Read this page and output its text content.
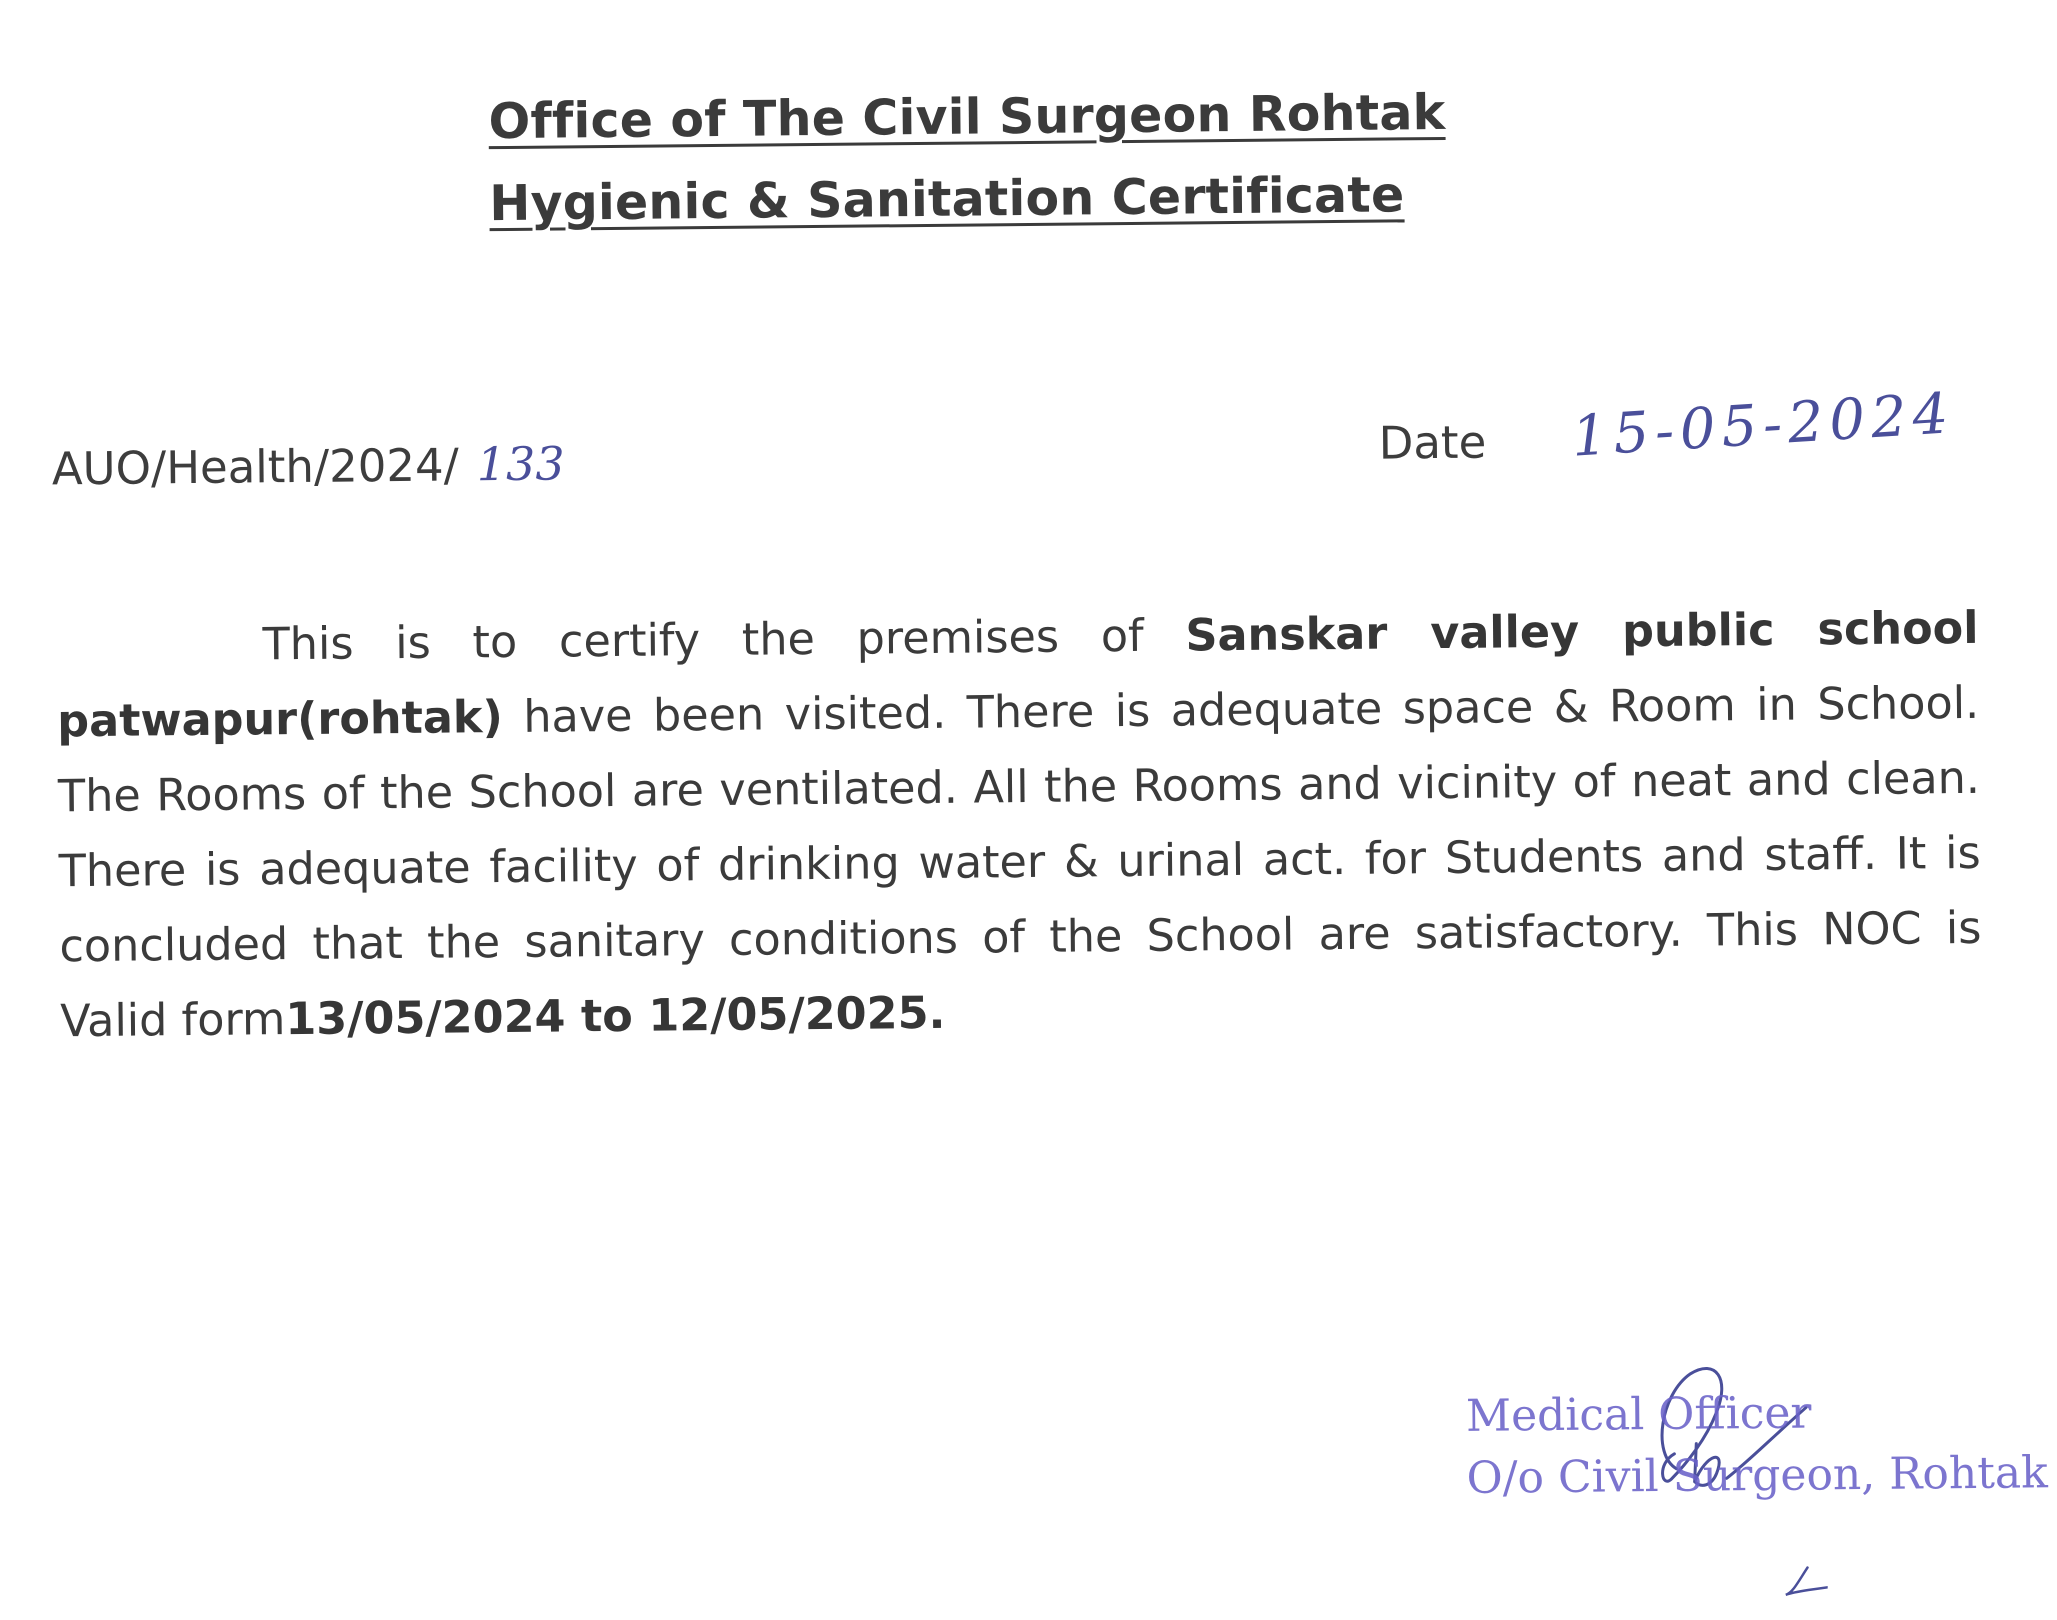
Office of The Civil Surgeon Rohtak
Hygienic & Sanitation Certificate
AUO/Health/2024/ 133	Date 15-05-2024
This is to certify the premises of Sanskar valley public school patwapur(rohtak) have been visited. There is adequate space & Room in School. The Rooms of the School are ventilated. All the Rooms and vicinity of neat and clean. There is adequate facility of drinking water & urinal act. for Students and staff. It is concluded that the sanitary conditions of the School are satisfactory. This NOC is Valid form13/05/2024 to 12/05/2025.
Medical Officer
O/o Civil Surgeon, Rohtak
